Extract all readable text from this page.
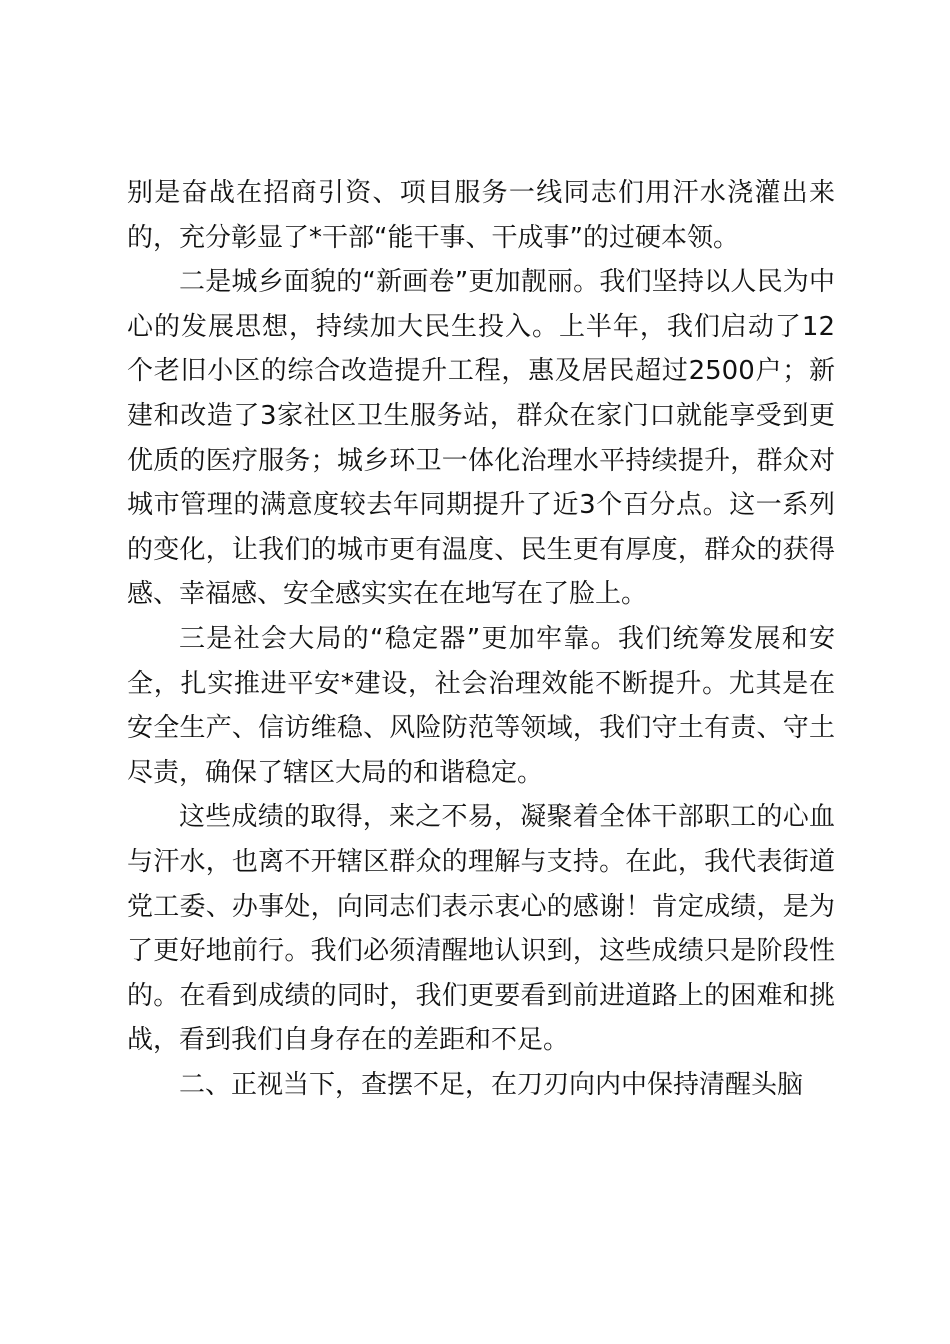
别是奋战在招商引资、项目服务一线同志们用汗水浇灌出来的，充分彰显了*干部“能干事、干成事”的过硬本领。

二是城乡面貌的“新画卷”更加靓丽。我们坚持以人民为中心的发展思想，持续加大民生投入。上半年，我们启动了12个老旧小区的综合改造提升工程，惠及居民超过2500户；新建和改造了3家社区卫生服务站，群众在家门口就能享受到更优质的医疗服务；城乡环卫一体化治理水平持续提升，群众对城市管理的满意度较去年同期提升了近3个百分点。这一系列的变化，让我们的城市更有温度、民生更有厚度，群众的获得感、幸福感、安全感实实在在地写在了脸上。

三是社会大局的“稳定器”更加牢靠。我们统筹发展和安全，扎实推进平安*建设，社会治理效能不断提升。尤其是在安全生产、信访维稳、风险防范等领域，我们守土有责、守土尽责，确保了辖区大局的和谐稳定。

这些成绩的取得，来之不易，凝聚着全体干部职工的心血与汗水，也离不开辖区群众的理解与支持。在此，我代表街道党工委、办事处，向同志们表示衷心的感谢！肯定成绩，是为了更好地前行。我们必须清醒地认识到，这些成绩只是阶段性的。在看到成绩的同时，我们更要看到前进道路上的困难和挑战，看到我们自身存在的差距和不足。

二、正视当下，查摆不足，在刀刃向内中保持清醒头脑
